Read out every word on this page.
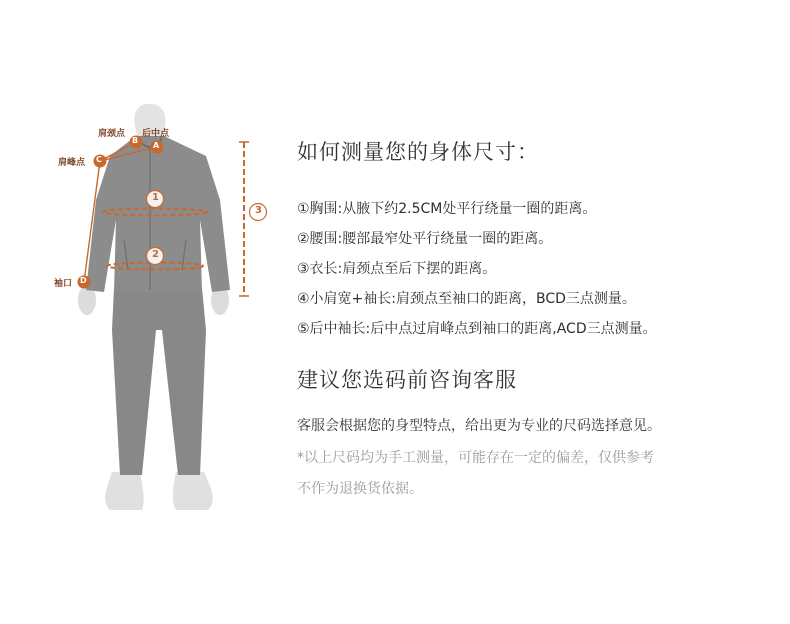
肩颈点 后中点
肩峰点
袖口
A
B
C
D
1
2
3
如何测量您的身体尺寸：
①胸围:从腋下约2.5CM处平行绕量一圈的距离。
②腰围:腰部最窄处平行绕量一圈的距离。
③衣长:肩颈点至后下摆的距离。
④小肩宽+袖长:肩颈点至袖口的距离，BCD三点测量。
⑤后中袖长:后中点过肩峰点到袖口的距离,ACD三点测量。
建议您选码前咨询客服
客服会根据您的身型特点，给出更为专业的尺码选择意见。
*以上尺码均为手工测量，可能存在一定的偏差，仅供参考
不作为退换货依据。
